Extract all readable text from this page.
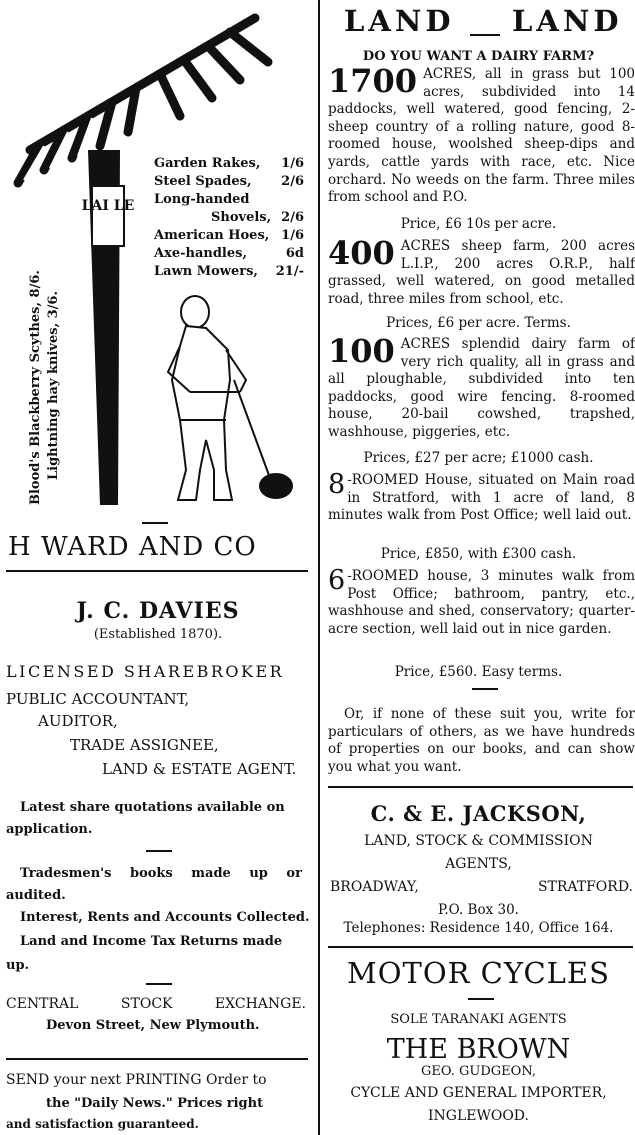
LAI LE
Garden Rakes, 1/6
Steel Spades, 2/6
Long-handed
Shovels, 2/6
American Hoes, 1/6
Axe-handles,	6d
Lawn Mowers, 21/-
Blood's Blackberry Scythes, 8/6. Lightning hay knives, 3/6.
H WARD AND CO
J. C. DAVIES
(Established 1870).
LICENSED SHAREBROKER
PUBLIC ACCOUNTANT,
AUDITOR,
TRADE ASSIGNEE,
LAND & ESTATE AGENT.
Latest share quotations available on
application.
Tradesmen's books made up or
audited.
Interest, Rents and Accounts Collected.
Land and Income Tax Returns made
up.
CENTRAL	STOCK	EXCHANGE.
Devon Street, New Plymouth.
SEND your next PRINTING Order to
the "Daily News." Prices right
and satisfaction guaranteed.
LAND LAND
DO YOU WANT A DAIRY FARM?

1700 ACRES, all in grass but 100 acres, subdivided into 14 paddocks, well watered, good fencing, 2-sheep country of a rolling nature, good 8-roomed house, woolshed sheep-dips and yards, cattle yards with race, etc. Nice orchard. No weeds on the farm. Three miles from school and P.O.

Price, £6 10s per acre.

400 ACRES sheep farm, 200 acres L.I.P., 200 acres O.R.P., half grassed, well watered, on good metalled road, three miles from school, etc.

Prices, £6 per acre. Terms.

100 ACRES splendid dairy farm of very rich quality, all in grass and all ploughable, subdivided into ten paddocks, good wire fencing. 8-roomed house, 20-bail cowshed, trapshed, washhouse, piggeries, etc.

Prices, £27 per acre; £1000 cash.

8 -ROOMED House, situated on Main road in Stratford, with 1 acre of land, 8 minutes walk from Post Office; well laid out.

Price, £850, with £300 cash.

6 -ROOMED house, 3 minutes walk from Post Office; bathroom, pantry, etc., washhouse and shed, conservatory; quarter-acre section, well laid out in nice garden.

Price, £560. Easy terms.

Or, if none of these suit you, write for particulars of others, as we have hundreds of properties on our books, and can show you what you want.

C. & E. JACKSON,
LAND, STOCK & COMMISSION
AGENTS,
BROADWAY,	STRATFORD.
P.O. Box 30.
Telephones: Residence 140, Office 164.
MOTOR CYCLES
SOLE TARANAKI AGENTS
THE BROWN
GEO. GUDGEON,
CYCLE AND GENERAL IMPORTER,
INGLEWOOD.
